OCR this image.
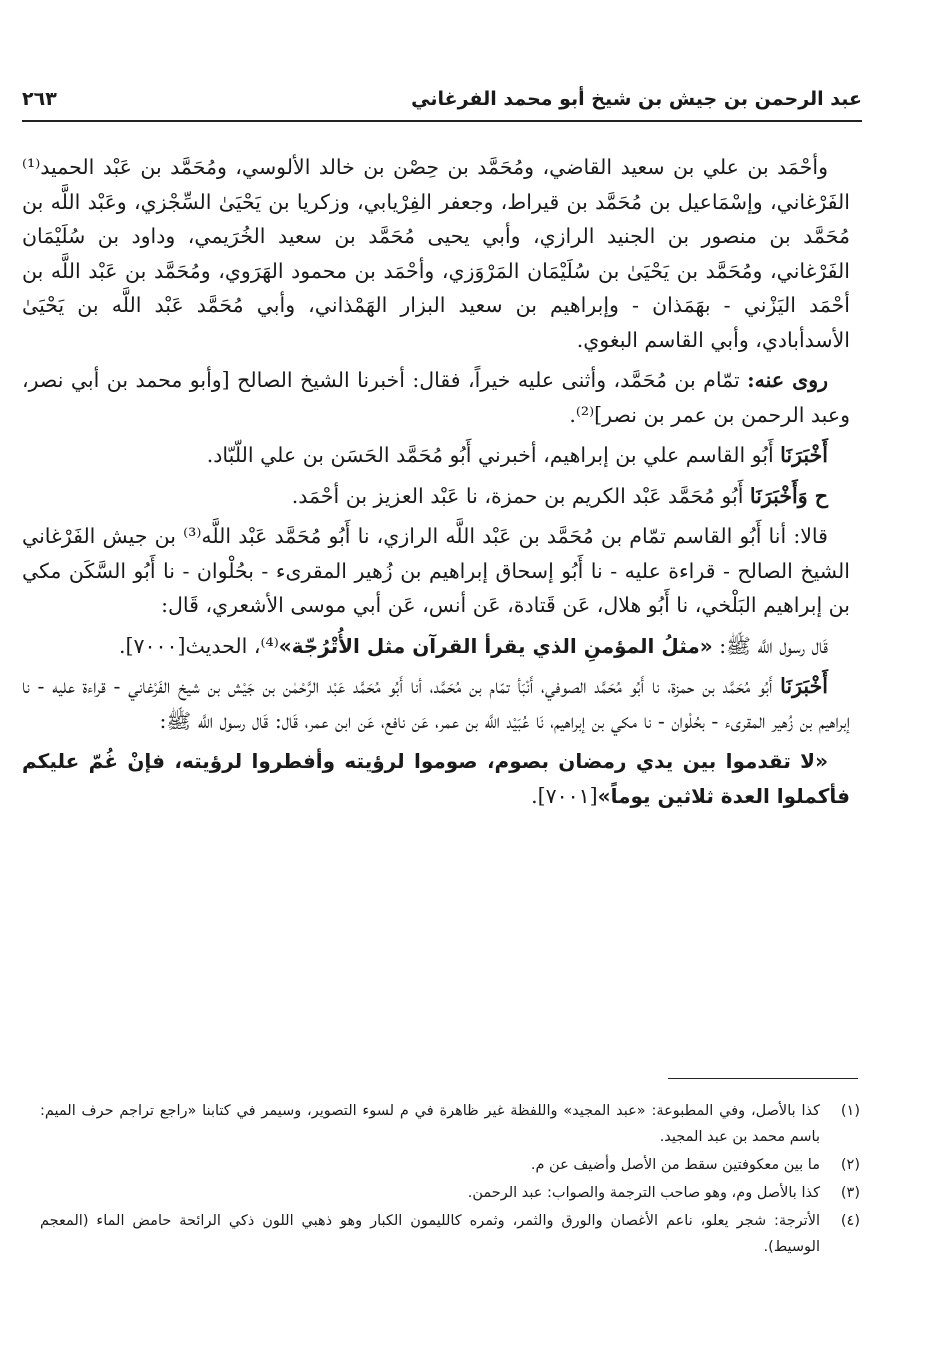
عبد الرحمن بن جيش بن شيخ أبو محمد الفرغاني
٢٦٣

وأحْمَد بن علي بن سعيد القاضي، ومُحَمَّد بن حِصْن بن خالد الألوسي، ومُحَمَّد بن عَبْد الحميد⁽¹⁾ الفَرْغاني، وإسْمَاعيل بن مُحَمَّد بن قيراط، وجعفر الفِرْيابي، وزكريا بن يَحْيَىٰ السِّجْزي، وعَبْد اللَّه بن مُحَمَّد بن منصور بن الجنيد الرازي، وأبي يحيى مُحَمَّد بن سعيد الخُرَيمي، وداود بن سُلَيْمَان الفَرْغاني، ومُحَمَّد بن يَحْيَىٰ بن سُلَيْمَان المَرْوَزي، وأحْمَد بن محمود الهَرَوي، ومُحَمَّد بن عَبْد اللَّه بن أحْمَد اليَزْني - بهَمَذان - وإبراهيم بن سعيد البزار الهَمْذاني، وأبي مُحَمَّد عَبْد اللَّه بن يَحْيَىٰ الأسدأبادي، وأبي القاسم البغوي.

روى عنه: تمّام بن مُحَمَّد، وأثنى عليه خيراً، فقال: أخبرنا الشيخ الصالح [وأبو محمد بن أبي نصر، وعبد الرحمن بن عمر بن نصر]⁽²⁾.

أَخْبَرَنَا أَبُو القاسم علي بن إبراهيم، أخبرني أَبُو مُحَمَّد الحَسَن بن علي اللّبّاد.

ح وَأَخْبَرَنَا أَبُو مُحَمَّد عَبْد الكريم بن حمزة، نا عَبْد العزيز بن أحْمَد.

قالا: أنا أَبُو القاسم تمّام بن مُحَمَّد بن عَبْد اللَّه الرازي، نا أَبُو مُحَمَّد عَبْد اللَّه⁽³⁾ بن جيش الفَرْغاني الشيخ الصالح - قراءة عليه - نا أَبُو إسحاق إبراهيم بن زُهير المقرىء - بحُلْوان - نا أَبُو السَّكَن مكي بن إبراهيم البَلْخي، نا أَبُو هلال، عَن قَتادة، عَن أنس، عَن أبي موسى الأشعري، قَال:

قَال رسول اللَّه ﷺ: «مثلُ المؤمنِ الذي يقرأ القرآن مثل الأُتْرُجّة»⁽⁴⁾، الحديث[٧٠٠٠].

أَخْبَرَنَا أَبُو مُحَمَّد بن حمزة، نا أَبُو مُحَمَّد الصوفي، أَنْبَأ تمّام بن مُحَمَّد، أنا أَبُو مُحَمَّد عَبْد الرَّحْمٰن بن جَيْش بن شيخ الفَرْغاني - قراءة عليه - نا إبراهيم بن زُهير المقرىء - بحُلْوان - نا مكي بن إبراهيم، نَا عُبَيْد اللَّه بن عمر، عَن نافع، عَن ابن عمر، قَال: قَال رسول اللَّه ﷺ:

«لا تقدموا بين يدي رمضان بصوم، صوموا لرؤيته وأفطروا لرؤيته، فإنْ غُمّ عليكم فأكملوا العدة ثلاثين يوماً»[٧٠٠١].

(١)
كذا بالأصل، وفي المطبوعة: «عبد المجيد» واللفظة غير ظاهرة في م لسوء التصوير، وسيمر في كتابنا «راجع تراجم حرف الميم: باسم محمد بن عبد المجيد.
(٢)
ما بين معكوفتين سقط من الأصل وأضيف عن م.
(٣)
كذا بالأصل وم، وهو صاحب الترجمة والصواب: عبد الرحمن.
(٤)
الأترجة: شجر يعلو، ناعم الأغصان والورق والثمر، وثمره كالليمون الكبار وهو ذهبي اللون ذكي الرائحة حامض الماء (المعجم الوسيط).
